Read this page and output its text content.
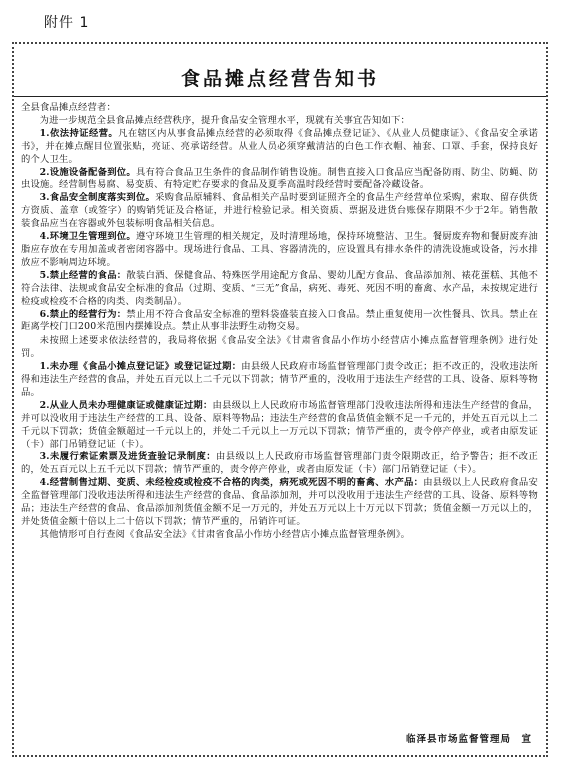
附件 1
食品摊点经营告知书

全县食品摊点经营者：

为进一步规范全县食品摊点经营秩序，提升食品安全管理水平，现就有关事宜告知如下：

1.依法持证经营。凡在辖区内从事食品摊点经营的必须取得《食品摊点登记证》、《从业人员健康证》、《食品安全承诺书》，并在摊点醒目位置张贴，亮证、亮承诺经营。从业人员必须穿戴清洁的白色工作衣帽、袖套、口罩、手套，保持良好的个人卫生。

2.设施设备配备到位。具有符合食品卫生条件的食品制作销售设施。制售直接入口食品应当配备防雨、防尘、防蝇、防虫设施。经营制售易腐、易变质、有特定贮存要求的食品及夏季高温时段经营时要配备冷藏设备。

3.食品安全制度落实到位。采购食品原辅料、食品相关产品时要到证照齐全的食品生产经营单位采购，索取、留存供货方资质、盖章（或签字）的购销凭证及合格证，并进行检验记录。相关资质、票据及进货台账保存期限不少于2年。销售散装食品应当在容器或外包装标明食品相关信息。

4.环境卫生管理到位。遵守环境卫生管理的相关规定，及时清理场地，保持环境整洁、卫生。餐厨废弃物和餐厨废弃油脂应存放在专用加盖或者密闭容器中。现场进行食品、工具、容器清洗的，应设置具有排水条件的清洗设施或设备，污水排放应不影响周边环境。

5.禁止经营的食品：散装白酒、保健食品、特殊医学用途配方食品、婴幼儿配方食品、食品添加剂、裱花蛋糕、其他不符合法律、法规或食品安全标准的食品（过期、变质、“三无”食品，病死、毒死、死因不明的畜禽、水产品，未按规定进行检疫或检疫不合格的肉类、肉类制品）。

6.禁止的经营行为：禁止用不符合食品安全标准的塑料袋盛装直接入口食品。禁止重复使用一次性餐具、饮具。禁止在距离学校门口200米范围内摆摊设点。禁止从事非法野生动物交易。

未按照上述要求依法经营的，我局将依据《食品安全法》《甘肃省食品小作坊小经营店小摊点监督管理条例》进行处罚。

1.未办理《食品小摊点登记证》或登记证过期：由县级人民政府市场监督管理部门责令改正；拒不改正的，没收违法所得和违法生产经营的食品，并处五百元以上二千元以下罚款；情节严重的，没收用于违法生产经营的工具、设备、原料等物品。

2.从业人员未办理健康证或健康证过期：由县级以上人民政府市场监督管理部门没收违法所得和违法生产经营的食品，并可以没收用于违法生产经营的工具、设备、原料等物品；违法生产经营的食品货值金额不足一千元的，并处五百元以上二千元以下罚款；货值金额超过一千元以上的，并处二千元以上一万元以下罚款；情节严重的，责令停产停业，或者由原发证（卡）部门吊销登记证（卡）。

3.未履行索证索票及进货查验记录制度：由县级以上人民政府市场监督管理部门责令限期改正，给予警告；拒不改正的，处五百元以上五千元以下罚款；情节严重的，责令停产停业，或者由原发证（卡）部门吊销登记证（卡）。

4.经营制售过期、变质、未经检疫或检疫不合格的肉类，病死或死因不明的畜禽、水产品：由县级以上人民政府食品安全监督管理部门没收违法所得和违法生产经营的食品、食品添加剂，并可以没收用于违法生产经营的工具、设备、原料等物品；违法生产经营的食品、食品添加剂货值金额不足一万元的，并处五万元以上十万元以下罚款；货值金额一万元以上的，并处货值金额十倍以上二十倍以下罚款；情节严重的，吊销许可证。

其他情形可自行查阅《食品安全法》《甘肃省食品小作坊小经营店小摊点监督管理条例》。

临泽县市场监督管理局　宣
